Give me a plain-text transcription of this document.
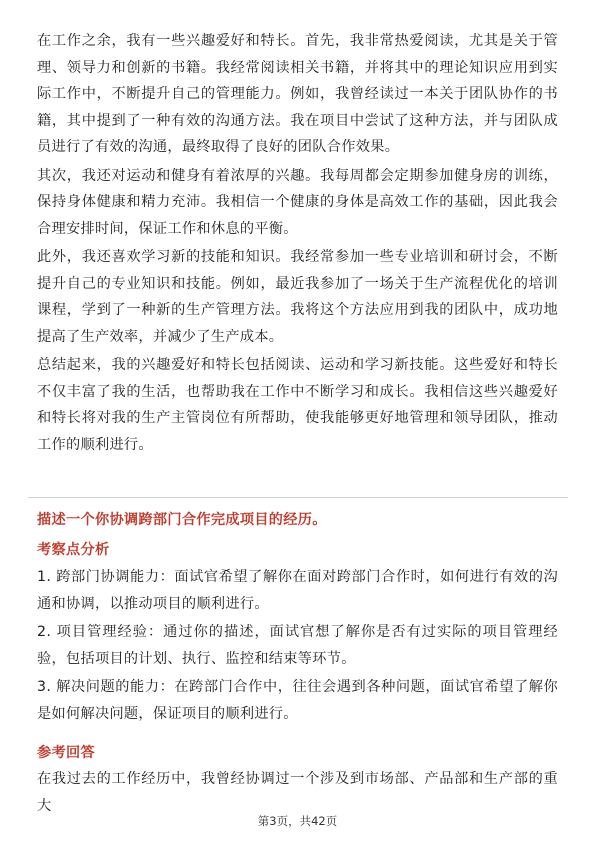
在工作之余，我有一些兴趣爱好和特长。首先，我非常热爱阅读，尤其是关于管理、领导力和创新的书籍。我经常阅读相关书籍，并将其中的理论知识应用到实际工作中，不断提升自己的管理能力。例如，我曾经读过一本关于团队协作的书籍，其中提到了一种有效的沟通方法。我在项目中尝试了这种方法，并与团队成员进行了有效的沟通，最终取得了良好的团队合作效果。

其次，我还对运动和健身有着浓厚的兴趣。我每周都会定期参加健身房的训练，保持身体健康和精力充沛。我相信一个健康的身体是高效工作的基础，因此我会合理安排时间，保证工作和休息的平衡。

此外，我还喜欢学习新的技能和知识。我经常参加一些专业培训和研讨会，不断提升自己的专业知识和技能。例如，最近我参加了一场关于生产流程优化的培训课程，学到了一种新的生产管理方法。我将这个方法应用到我的团队中，成功地提高了生产效率，并减少了生产成本。

总结起来，我的兴趣爱好和特长包括阅读、运动和学习新技能。这些爱好和特长不仅丰富了我的生活，也帮助我在工作中不断学习和成长。我相信这些兴趣爱好和特长将对我的生产主管岗位有所帮助，使我能够更好地管理和领导团队，推动工作的顺利进行。

描述一个你协调跨部门合作完成项目的经历。
考察点分析

1. 跨部门协调能力：面试官希望了解你在面对跨部门合作时，如何进行有效的沟通和协调，以推动项目的顺利进行。

2. 项目管理经验：通过你的描述，面试官想了解你是否有过实际的项目管理经验，包括项目的计划、执行、监控和结束等环节。

3. 解决问题的能力：在跨部门合作中，往往会遇到各种问题，面试官希望了解你是如何解决问题，保证项目的顺利进行。

参考回答

在我过去的工作经历中，我曾经协调过一个涉及到市场部、产品部和生产部的重大

第3页，共42页
